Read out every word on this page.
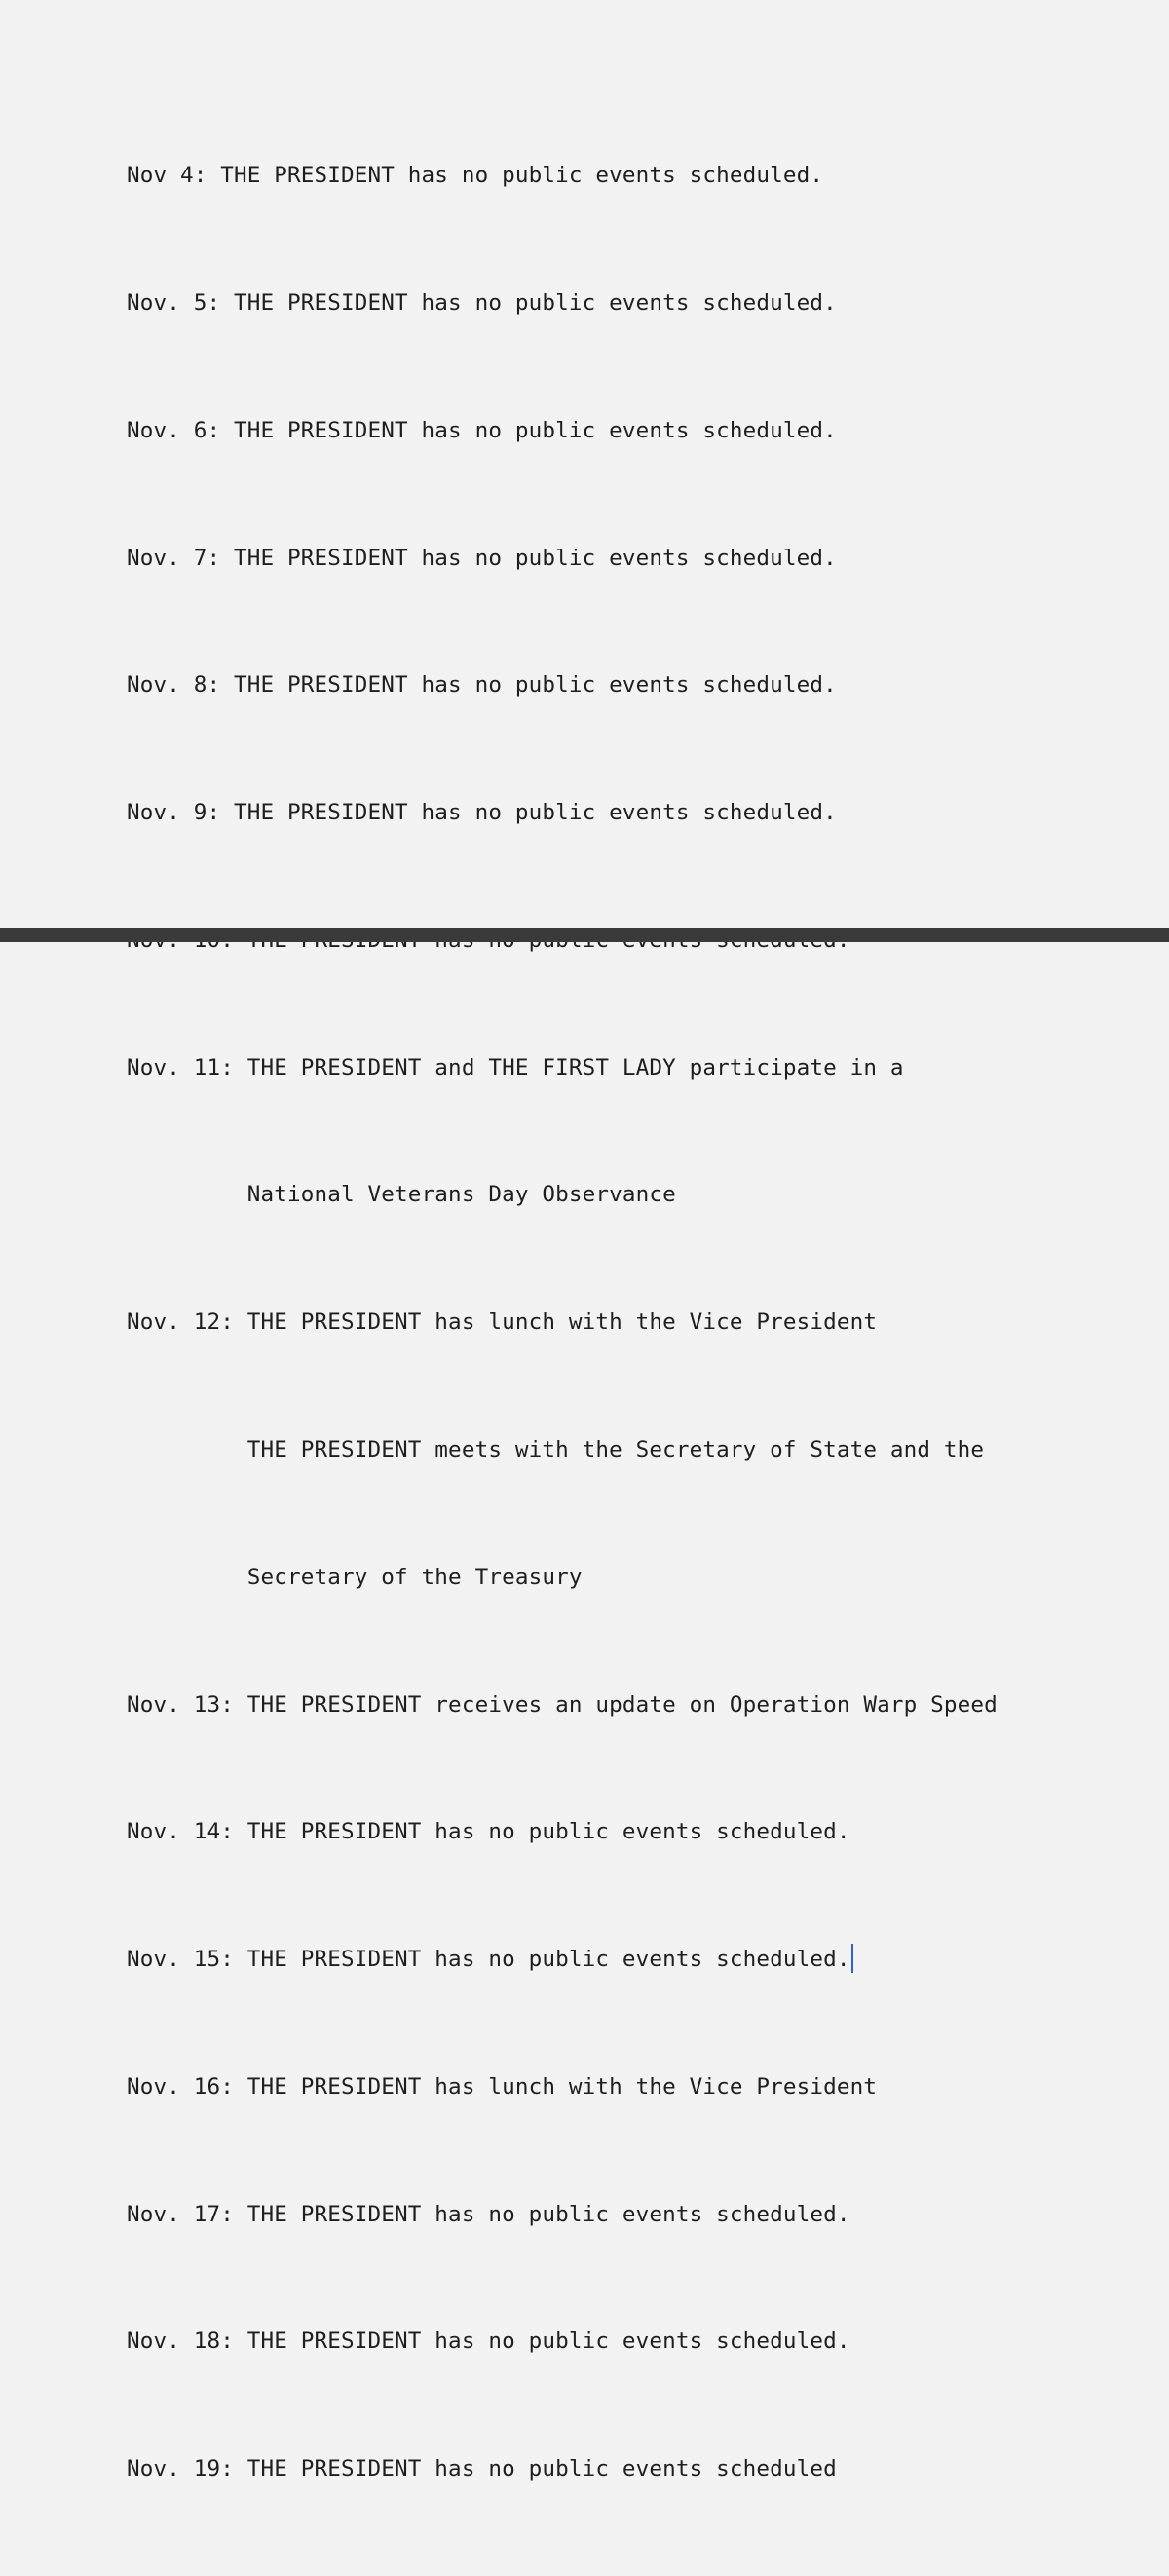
Nov 4: THE PRESIDENT has no public events scheduled.

Nov. 5: THE PRESIDENT has no public events scheduled.

Nov. 6: THE PRESIDENT has no public events scheduled.

Nov. 7: THE PRESIDENT has no public events scheduled.

Nov. 8: THE PRESIDENT has no public events scheduled.

Nov. 9: THE PRESIDENT has no public events scheduled.

Nov. 11: THE PRESIDENT and THE FIRST LADY participate in a

National Veterans Day Observance

Nov. 12: THE PRESIDENT has lunch with the Vice President

THE PRESIDENT meets with the Secretary of State and the

Secretary of the Treasury

Nov. 13: THE PRESIDENT receives an update on Operation Warp Speed

Nov. 14: THE PRESIDENT has no public events scheduled.

Nov. 15: THE PRESIDENT has no public events scheduled.

Nov. 16: THE PRESIDENT has lunch with the Vice President

Nov. 17: THE PRESIDENT has no public events scheduled.

Nov. 18: THE PRESIDENT has no public events scheduled.

Nov. 19: THE PRESIDENT has no public events scheduled
